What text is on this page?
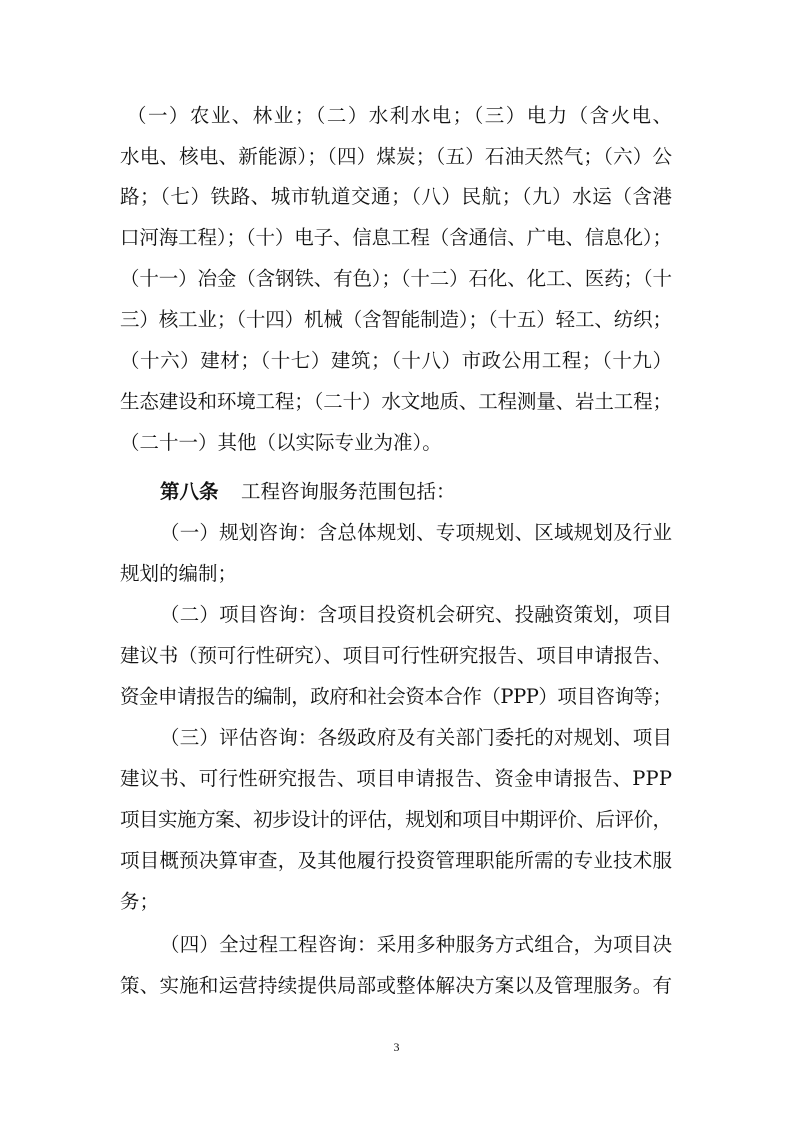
（一）农业、林业；（二）水利水电；（三）电力（含火电、
水电、核电、新能源）；（四）煤炭；（五）石油天然气；（六）公
路；（七）铁路、城市轨道交通；（八）民航；（九）水运（含港
口河海工程）；（十）电子、信息工程（含通信、广电、信息化）；
（十一）冶金（含钢铁、有色）；（十二）石化、化工、医药；（十
三）核工业；（十四）机械（含智能制造）；（十五）轻工、纺织；
（十六）建材；（十七）建筑；（十八）市政公用工程；（十九）
生态建设和环境工程；（二十）水文地质、工程测量、岩土工程；
（二十一）其他（以实际专业为准）。
第八条 工程咨询服务范围包括：
（一）规划咨询：含总体规划、专项规划、区域规划及行业
规划的编制；
（二）项目咨询：含项目投资机会研究、投融资策划，项目
建议书（预可行性研究）、项目可行性研究报告、项目申请报告、
资金申请报告的编制，政府和社会资本合作（PPP）项目咨询等；
（三）评估咨询：各级政府及有关部门委托的对规划、项目
建议书、可行性研究报告、项目申请报告、资金申请报告、PPP
项目实施方案、初步设计的评估，规划和项目中期评价、后评价，
项目概预决算审查，及其他履行投资管理职能所需的专业技术服
务；
（四）全过程工程咨询：采用多种服务方式组合，为项目决
策、实施和运营持续提供局部或整体解决方案以及管理服务。有
3
